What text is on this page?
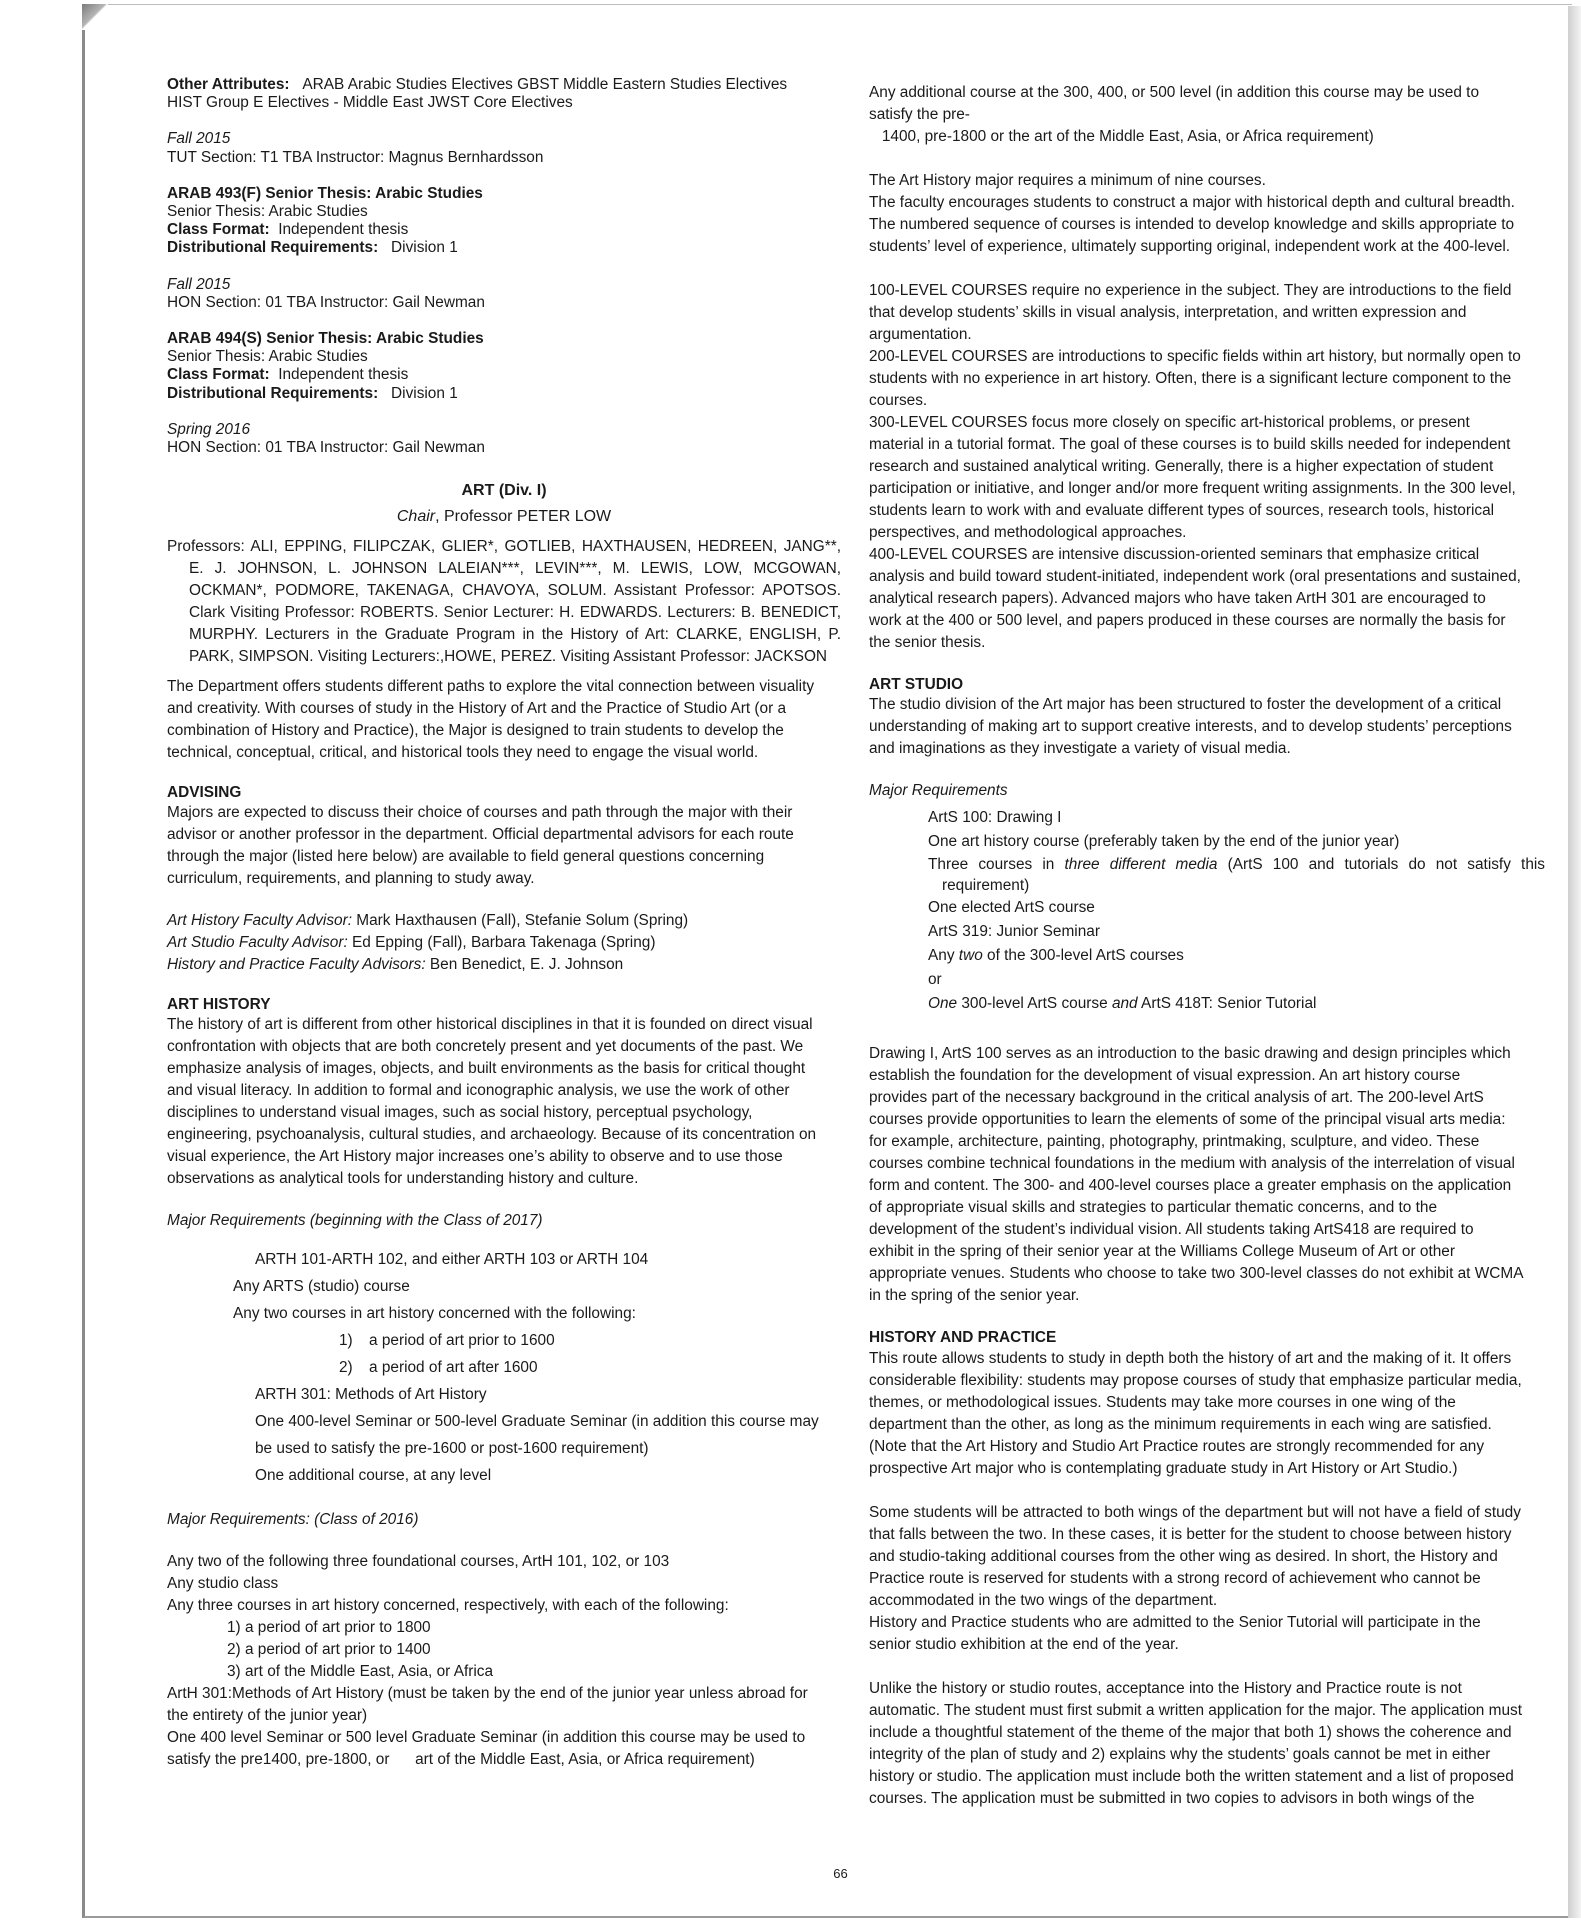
Other Attributes: ARAB Arabic Studies Electives GBST Middle Eastern Studies Electives

HIST Group E Electives - Middle East JWST Core Electives

Fall 2015

TUT Section: T1 TBA Instructor: Magnus Bernhardsson

ARAB 493(F) Senior Thesis: Arabic Studies

Senior Thesis: Arabic Studies

Class Format: Independent thesis

Distributional Requirements: Division 1

Fall 2015

HON Section: 01 TBA Instructor: Gail Newman

ARAB 494(S) Senior Thesis: Arabic Studies

Senior Thesis: Arabic Studies

Class Format: Independent thesis

Distributional Requirements: Division 1

Spring 2016

HON Section: 01 TBA Instructor: Gail Newman

ART (Div. I)

Chair, Professor PETER LOW

Professors: ALI, EPPING, FILIPCZAK, GLIER*, GOTLIEB, HAXTHAUSEN, HEDREEN, JANG**, E. J. JOHNSON, L. JOHNSON LALEIAN***, LEVIN***, M. LEWIS, LOW, MCGOWAN, OCKMAN*, PODMORE, TAKENAGA, CHAVOYA, SOLUM. Assistant Professor: APOTSOS. Clark Visiting Professor: ROBERTS. Senior Lecturer: H. EDWARDS. Lecturers: B. BENEDICT, MURPHY. Lecturers in the Graduate Program in the History of Art: CLARKE, ENGLISH, P. PARK, SIMPSON. Visiting Lecturers:,HOWE, PEREZ. Visiting Assistant Professor: JACKSON

The Department offers students different paths to explore the vital connection between visuality

and creativity. With courses of study in the History of Art and the Practice of Studio Art (or a

combination of History and Practice), the Major is designed to train students to develop the

technical, conceptual, critical, and historical tools they need to engage the visual world.

ADVISING

Majors are expected to discuss their choice of courses and path through the major with their

advisor or another professor in the department. Official departmental advisors for each route

through the major (listed here below) are available to field general questions concerning

curriculum, requirements, and planning to study away.

Art History Faculty Advisor: Mark Haxthausen (Fall), Stefanie Solum (Spring)

Art Studio Faculty Advisor: Ed Epping (Fall), Barbara Takenaga (Spring)

History and Practice Faculty Advisors: Ben Benedict, E. J. Johnson

ART HISTORY

The history of art is different from other historical disciplines in that it is founded on direct visual

confrontation with objects that are both concretely present and yet documents of the past. We

emphasize analysis of images, objects, and built environments as the basis for critical thought

and visual literacy. In addition to formal and iconographic analysis, we use the work of other

disciplines to understand visual images, such as social history, perceptual psychology,

engineering, psychoanalysis, cultural studies, and archaeology. Because of its concentration on

visual experience, the Art History major increases one’s ability to observe and to use those

observations as analytical tools for understanding history and culture.

Major Requirements (beginning with the Class of 2017)

ARTH 101-ARTH 102, and either ARTH 103 or ARTH 104

Any ARTS (studio) course

Any two courses in art history concerned with the following:

1) a period of art prior to 1600

2) a period of art after 1600

ARTH 301: Methods of Art History

One 400-level Seminar or 500-level Graduate Seminar (in addition this course may

be used to satisfy the pre-1600 or post-1600 requirement)

One additional course, at any level

Major Requirements: (Class of 2016)

Any two of the following three foundational courses, ArtH 101, 102, or 103

Any studio class

Any three courses in art history concerned, respectively, with each of the following:

1) a period of art prior to 1800

2) a period of art prior to 1400

3) art of the Middle East, Asia, or Africa

ArtH 301:Methods of Art History (must be taken by the end of the junior year unless abroad for

the entirety of the junior year)

One 400 level Seminar or 500 level Graduate Seminar (in addition this course may be used to

satisfy the pre1400, pre-1800, or      art of the Middle East, Asia, or Africa requirement)

Any additional course at the 300, 400, or 500 level (in addition this course may be used to

satisfy the pre-

1400, pre-1800 or the art of the Middle East, Asia, or Africa requirement)

The Art History major requires a minimum of nine courses.

The faculty encourages students to construct a major with historical depth and cultural breadth.

The numbered sequence of courses is intended to develop knowledge and skills appropriate to

students’ level of experience, ultimately supporting original, independent work at the 400-level.

100-LEVEL COURSES require no experience in the subject. They are introductions to the field

that develop students’ skills in visual analysis, interpretation, and written expression and

argumentation.

200-LEVEL COURSES are introductions to specific fields within art history, but normally open to

students with no experience in art history. Often, there is a significant lecture component to the

courses.

300-LEVEL COURSES focus more closely on specific art-historical problems, or present

material in a tutorial format. The goal of these courses is to build skills needed for independent

research and sustained analytical writing. Generally, there is a higher expectation of student

participation or initiative, and longer and/or more frequent writing assignments. In the 300 level,

students learn to work with and evaluate different types of sources, research tools, historical

perspectives, and methodological approaches.

400-LEVEL COURSES are intensive discussion-oriented seminars that emphasize critical

analysis and build toward student-initiated, independent work (oral presentations and sustained,

analytical research papers). Advanced majors who have taken ArtH 301 are encouraged to

work at the 400 or 500 level, and papers produced in these courses are normally the basis for

the senior thesis.

ART STUDIO

The studio division of the Art major has been structured to foster the development of a critical

understanding of making art to support creative interests, and to develop students’ perceptions

and imaginations as they investigate a variety of visual media.

Major Requirements

ArtS 100: Drawing I

One art history course (preferably taken by the end of the junior year)

Three courses in three different media (ArtS 100 and tutorials do not satisfy this requirement)

One elected ArtS course

ArtS 319: Junior Seminar

Any two of the 300-level ArtS courses

or

One 300-level ArtS course and ArtS 418T: Senior Tutorial

Drawing I, ArtS 100 serves as an introduction to the basic drawing and design principles which

establish the foundation for the development of visual expression. An art history course

provides part of the necessary background in the critical analysis of art. The 200-level ArtS

courses provide opportunities to learn the elements of some of the principal visual arts media:

for example, architecture, painting, photography, printmaking, sculpture, and video. These

courses combine technical foundations in the medium with analysis of the interrelation of visual

form and content. The 300- and 400-level courses place a greater emphasis on the application

of appropriate visual skills and strategies to particular thematic concerns, and to the

development of the student’s individual vision. All students taking ArtS418 are required to

exhibit in the spring of their senior year at the Williams College Museum of Art or other

appropriate venues. Students who choose to take two 300-level classes do not exhibit at WCMA

in the spring of the senior year.

HISTORY AND PRACTICE

This route allows students to study in depth both the history of art and the making of it. It offers

considerable flexibility: students may propose courses of study that emphasize particular media,

themes, or methodological issues. Students may take more courses in one wing of the

department than the other, as long as the minimum requirements in each wing are satisfied.

(Note that the Art History and Studio Art Practice routes are strongly recommended for any

prospective Art major who is contemplating graduate study in Art History or Art Studio.)

Some students will be attracted to both wings of the department but will not have a field of study

that falls between the two. In these cases, it is better for the student to choose between history

and studio-taking additional courses from the other wing as desired. In short, the History and

Practice route is reserved for students with a strong record of achievement who cannot be

accommodated in the two wings of the department.

History and Practice students who are admitted to the Senior Tutorial will participate in the

senior studio exhibition at the end of the year.

Unlike the history or studio routes, acceptance into the History and Practice route is not

automatic. The student must first submit a written application for the major. The application must

include a thoughtful statement of the theme of the major that both 1) shows the coherence and

integrity of the plan of study and 2) explains why the students’ goals cannot be met in either

history or studio. The application must include both the written statement and a list of proposed

courses. The application must be submitted in two copies to advisors in both wings of the

66
